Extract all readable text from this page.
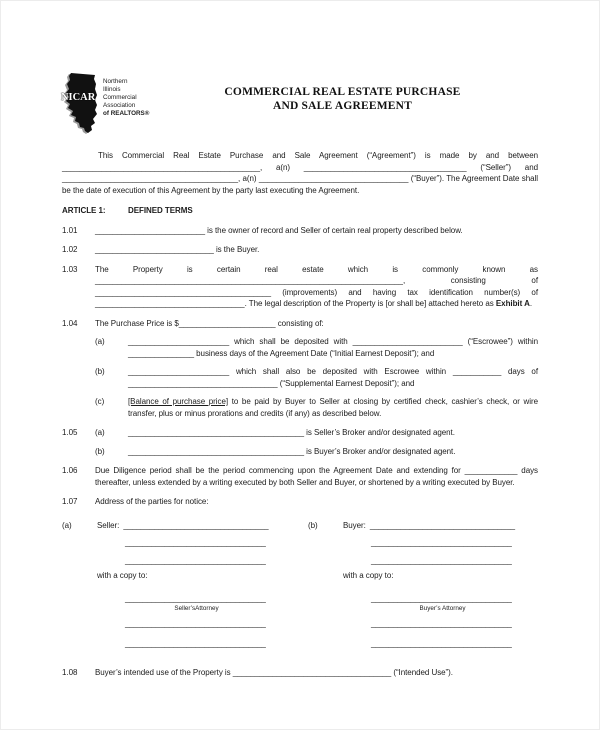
NICAR
Northern
Illinois
Commercial
Association
of REALTORS®
COMMERCIAL REAL ESTATE PURCHASE
AND SALE AGREEMENT

This Commercial Real Estate Purchase and Sale Agreement (“Agreement”) is made by and between _____________________________________________, a(n) _____________________________________ (“Seller”) and ________________________________________, a(n) __________________________________ (“Buyer”). The Agreement Date shall be the date of execution of this Agreement by the party last executing the Agreement.

ARTICLE 1:	DEFINED TERMS
1.01	_________________________ is the owner of record and Seller of certain real property described below.
1.02	___________________________ is the Buyer.
1.03	The Property is certain real estate which is commonly known as ______________________________________________________________________, consisting of ________________________________________ (improvements) and having tax identification number(s) of __________________________________. The legal description of the Property is [or shall be] attached hereto as Exhibit A.
1.04	The Purchase Price is $______________________ consisting of:
(a)	_______________________ which shall be deposited with _________________________ (“Escrowee”) within _______________ business days of the Agreement Date (“Initial Earnest Deposit”); and
(b)	_______________________ which shall also be deposited with Escrowee within ___________ days of __________________________________ (“Supplemental Earnest Deposit”); and
(c)	[Balance of purchase price] to be paid by Buyer to Seller at closing by certified check, cashier’s check, or wire transfer, plus or minus prorations and credits (if any) as described below.
1.05	(a)	________________________________________ is Seller’s Broker and/or designated agent.
(b)	________________________________________ is Buyer’s Broker and/or designated agent.
1.06	Due Diligence period shall be the period commencing upon the Agreement Date and extending for ____________ days thereafter, unless extended by a writing executed by both Seller and Buyer, or shortened by a writing executed by Buyer.
1.07	Address of the parties for notice:
(a)	Seller: _________________________________
________________________________
________________________________
with a copy to:
________________________________
Seller’sAttorney
________________________________
________________________________
(b)	Buyer: _________________________________
________________________________
________________________________
with a copy to:
________________________________
Buyer’s Attorney
________________________________
________________________________
1.08	Buyer’s intended use of the Property is ____________________________________ (“Intended Use”).
